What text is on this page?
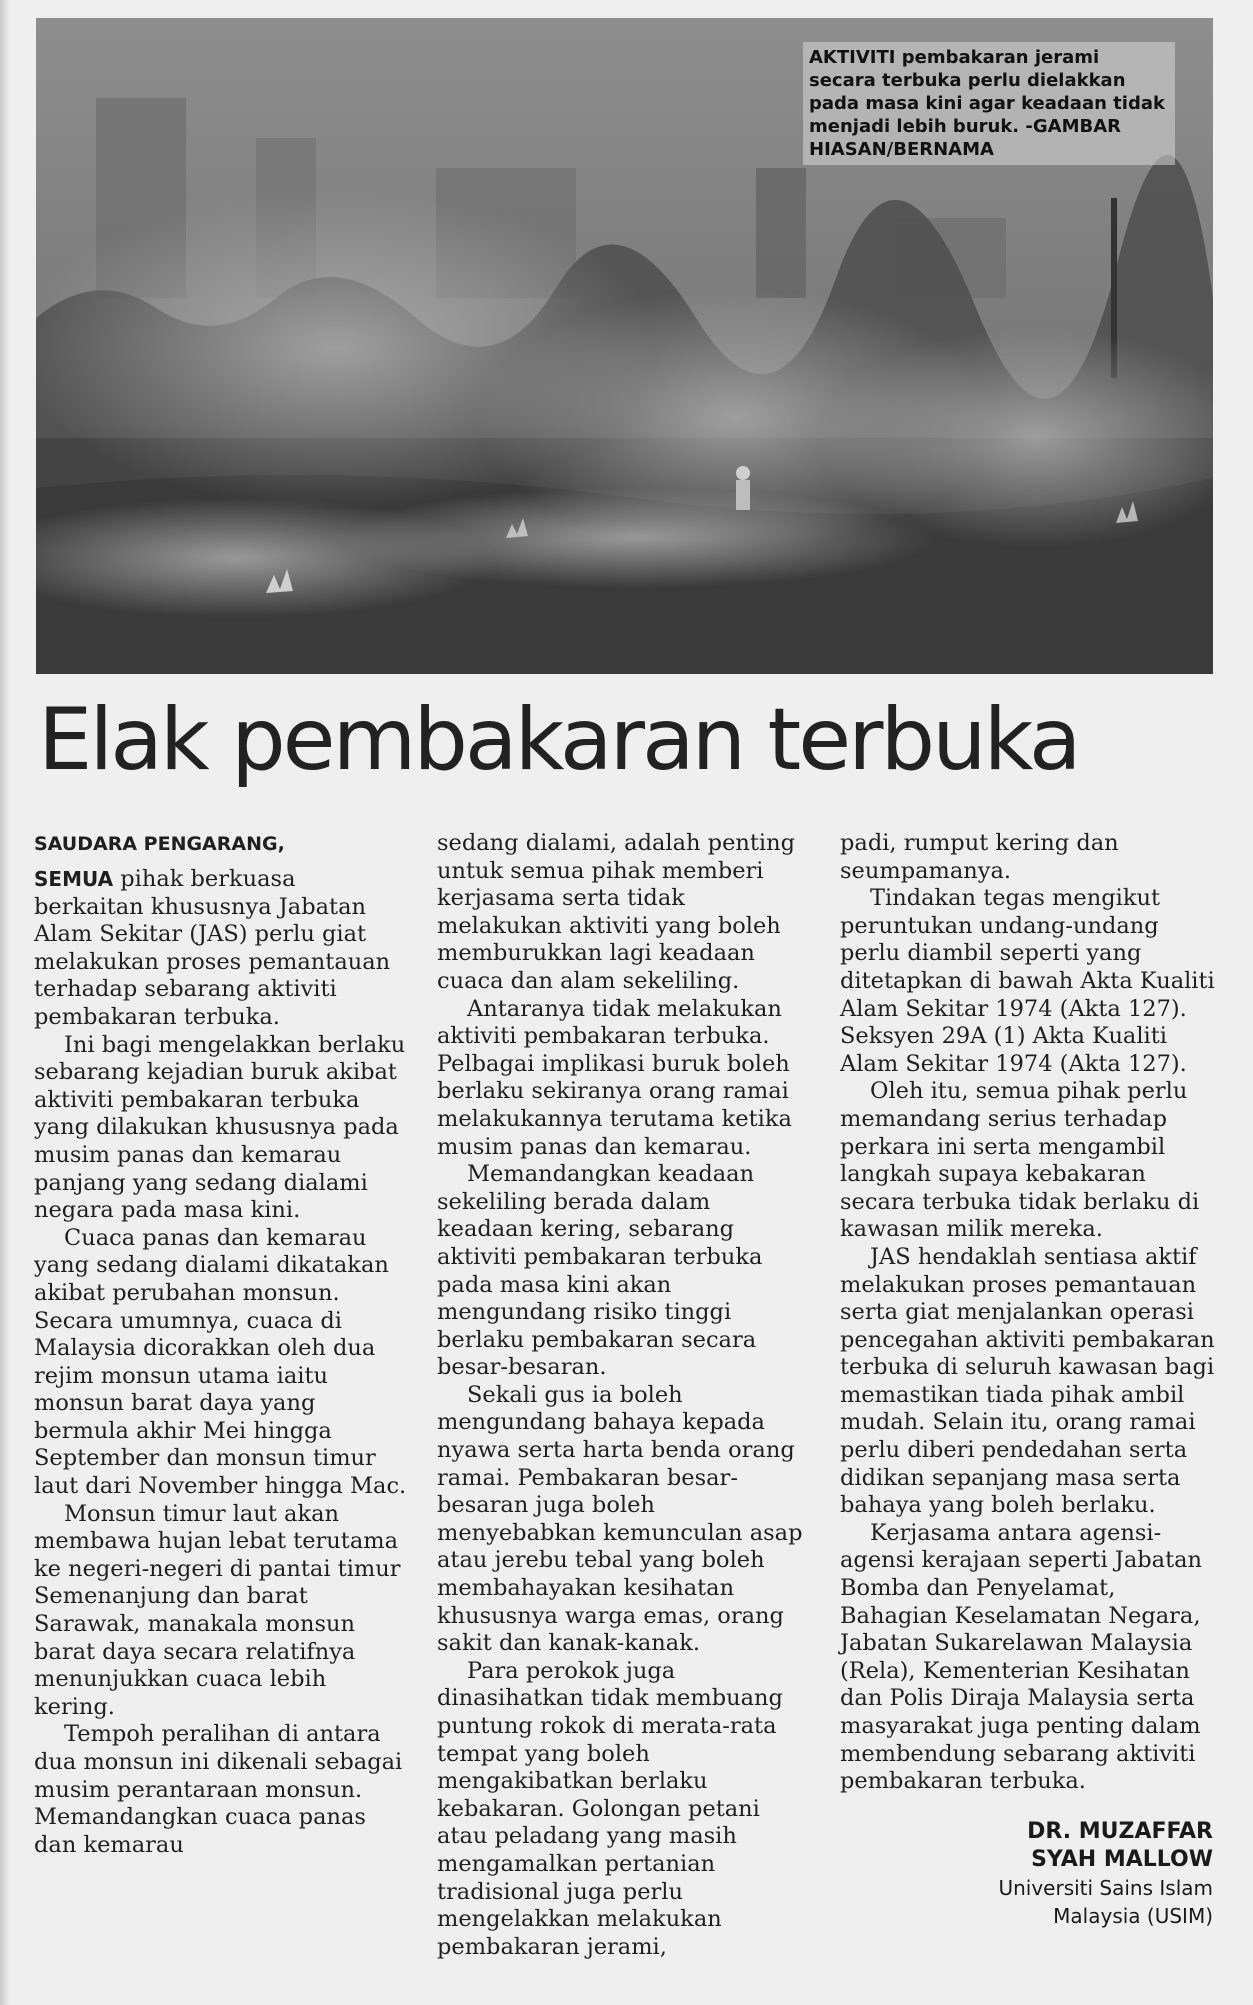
AKTIVITI pembakaran jerami secara terbuka perlu dielakkan pada masa kini agar keadaan tidak menjadi lebih buruk. -GAMBAR HIASAN/BERNAMA
Elak pembakaran terbuka
SAUDARA PENGARANG,

SEMUA pihak berkuasa berkaitan khususnya Jabatan Alam Sekitar (JAS) perlu giat melakukan proses pemantauan terhadap sebarang aktiviti pembakaran terbuka.

Ini bagi mengelakkan berlaku sebarang kejadian buruk akibat aktiviti pembakaran terbuka yang dilakukan khususnya pada musim panas dan kemarau panjang yang sedang dialami negara pada masa kini.

Cuaca panas dan kemarau yang sedang dialami dikatakan akibat perubahan monsun. Secara umumnya, cuaca di Malaysia dicorakkan oleh dua rejim monsun utama iaitu monsun barat daya yang bermula akhir Mei hingga September dan monsun timur laut dari November hingga Mac.

Monsun timur laut akan membawa hujan lebat terutama ke negeri-negeri di pantai timur Semenanjung dan barat Sarawak, manakala monsun barat daya secara relatifnya menunjukkan cuaca lebih kering.

Tempoh peralihan di antara dua monsun ini dikenali sebagai musim perantaraan monsun. Memandangkan cuaca panas dan kemarau

sedang dialami, adalah penting untuk semua pihak memberi kerjasama serta tidak melakukan aktiviti yang boleh memburukkan lagi keadaan cuaca dan alam sekeliling.

Antaranya tidak melakukan aktiviti pembakaran terbuka. Pelbagai implikasi buruk boleh berlaku sekiranya orang ramai melakukannya terutama ketika musim panas dan kemarau.

Memandangkan keadaan sekeliling berada dalam keadaan kering, sebarang aktiviti pembakaran terbuka pada masa kini akan mengundang risiko tinggi berlaku pembakaran secara besar-besaran.

Sekali gus ia boleh mengundang bahaya kepada nyawa serta harta benda orang ramai. Pembakaran besar-besaran juga boleh menyebabkan kemunculan asap atau jerebu tebal yang boleh membahayakan kesihatan khususnya warga emas, orang sakit dan kanak-kanak.

Para perokok juga dinasihatkan tidak membuang puntung rokok di merata-rata tempat yang boleh mengakibatkan berlaku kebakaran. Golongan petani atau peladang yang masih mengamalkan pertanian tradisional juga perlu mengelakkan melakukan pembakaran jerami,

padi, rumput kering dan seumpamanya.

Tindakan tegas mengikut peruntukan undang-undang perlu diambil seperti yang ditetapkan di bawah Akta Kualiti Alam Sekitar 1974 (Akta 127). Seksyen 29A (1) Akta Kualiti Alam Sekitar 1974 (Akta 127).

Oleh itu, semua pihak perlu memandang serius terhadap perkara ini serta mengambil langkah supaya kebakaran secara terbuka tidak berlaku di kawasan milik mereka.

JAS hendaklah sentiasa aktif melakukan proses pemantauan serta giat menjalankan operasi pencegahan aktiviti pembakaran terbuka di seluruh kawasan bagi memastikan tiada pihak ambil mudah. Selain itu, orang ramai perlu diberi pendedahan serta didikan sepanjang masa serta bahaya yang boleh berlaku.

Kerjasama antara agensi-agensi kerajaan seperti Jabatan Bomba dan Penyelamat, Bahagian Keselamatan Negara, Jabatan Sukarelawan Malaysia (Rela), Kementerian Kesihatan dan Polis Diraja Malaysia serta masyarakat juga penting dalam membendung sebarang aktiviti pembakaran terbuka.

DR. MUZAFFAR
SYAH MALLOW
Universiti Sains Islam
Malaysia (USIM)
